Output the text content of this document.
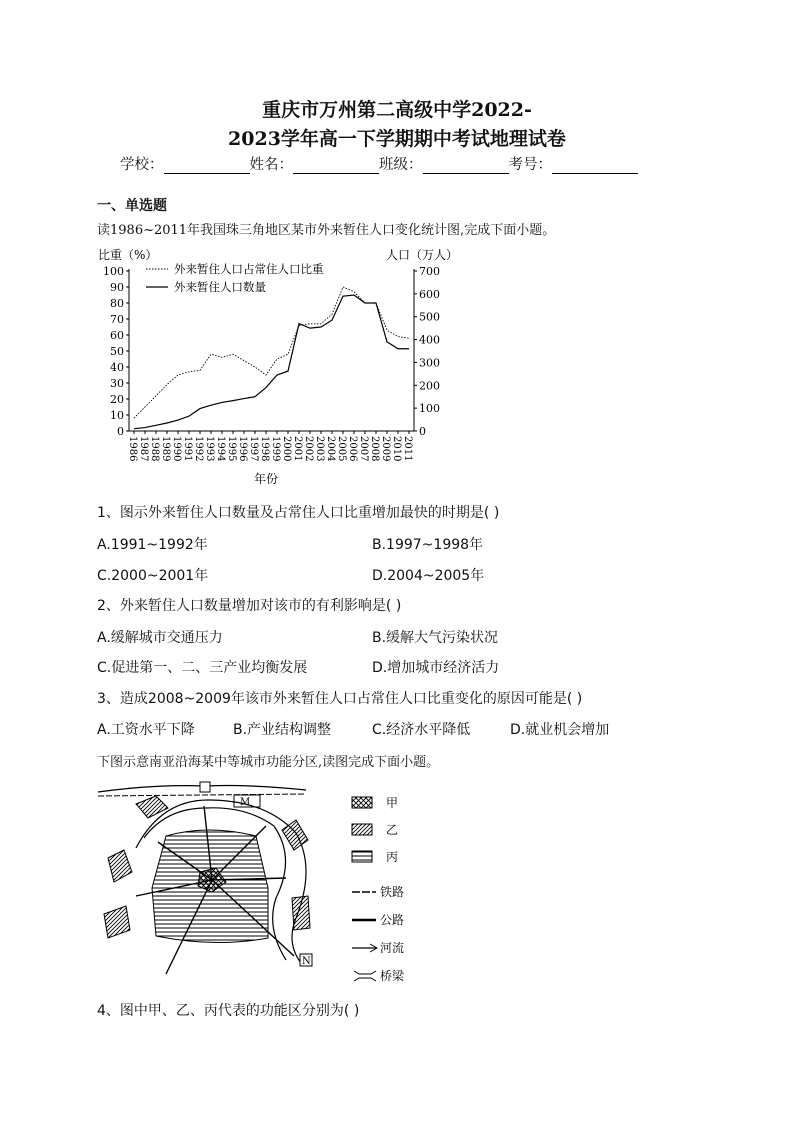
重庆市万州第二高级中学2022-
2023学年高一下学期期中考试地理试卷
学校：	姓名：	班级：	考号：
一、单选题
读1986~2011年我国珠三角地区某市外来暂住人口变化统计图,完成下面小题。
比重（%）	人口（万人）
0
10
20
30
40
50
60
70
80
90
100
0
100
200
300
400
500
600
700
1986 1987 1988 1989 1990 1991 1992 1993 1994 1995 1996 1997 1998 1999 2000 2001 2002 2003 2004 2005 2006 2007 2008 2009 2010 2011
外来暂住人口占常住人口比重
外来暂住人口数量
年份
1、图示外来暂住人口数量及占常住人口比重增加最快的时期是( )
A.1991~1992年	B.1997~1998年
C.2000~2001年	D.2004~2005年
2、外来暂住人口数量增加对该市的有利影响是( )
A.缓解城市交通压力	B.缓解大气污染状况
C.促进第一、二、三产业均衡发展	D.增加城市经济活力
3、造成2008~2009年该市外来暂住人口占常住人口比重变化的原因可能是( )
A.工资水平下降	B.产业结构调整	C.经济水平降低	D.就业机会增加
下图示意南亚沿海某中等城市功能分区,读图完成下面小题。
M
N
甲
乙
丙
铁路
公路
河流
桥梁
4、图中甲、乙、丙代表的功能区分别为( )
